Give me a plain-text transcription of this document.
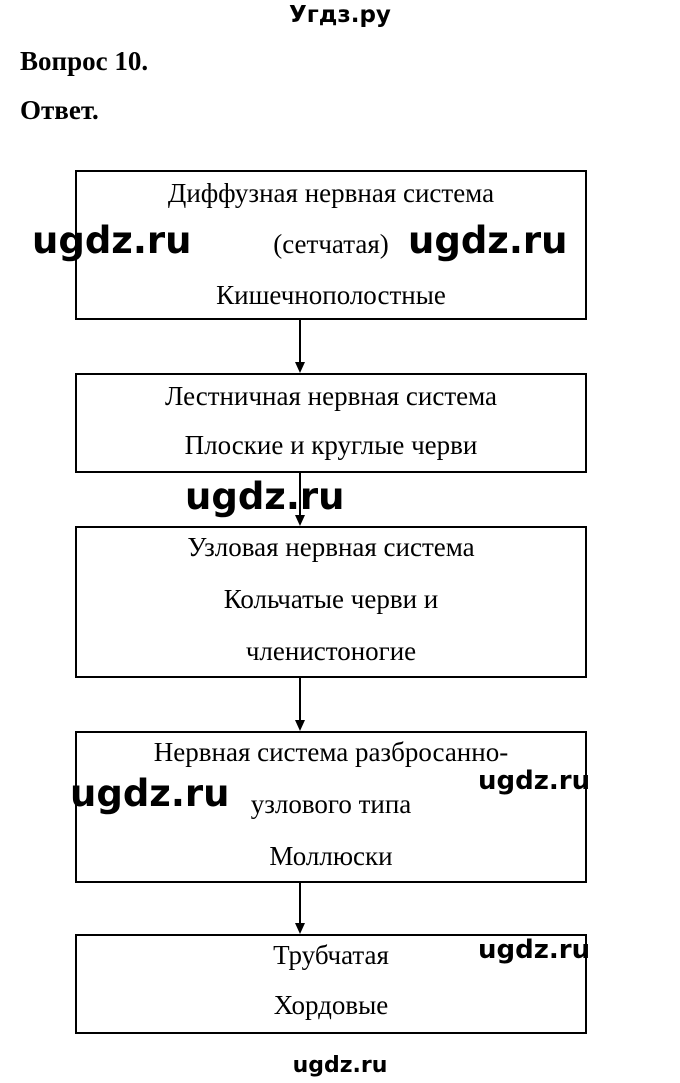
Угдз.ру
Вопрос 10.
Ответ.
Диффузная нервная система
(сетчатая)
Кишечнополостные
Лестничная нервная система
Плоские и круглые черви
Узловая нервная система
Кольчатые черви и
членистоногие
Нервная система разбросанно-
узлового типа
Моллюски
Трубчатая
Хордовые
ugdz.ru	ugdz.ru
ugdz.ru
ugdz.ru	ugdz.ru
ugdz.ru
ugdz.ru
